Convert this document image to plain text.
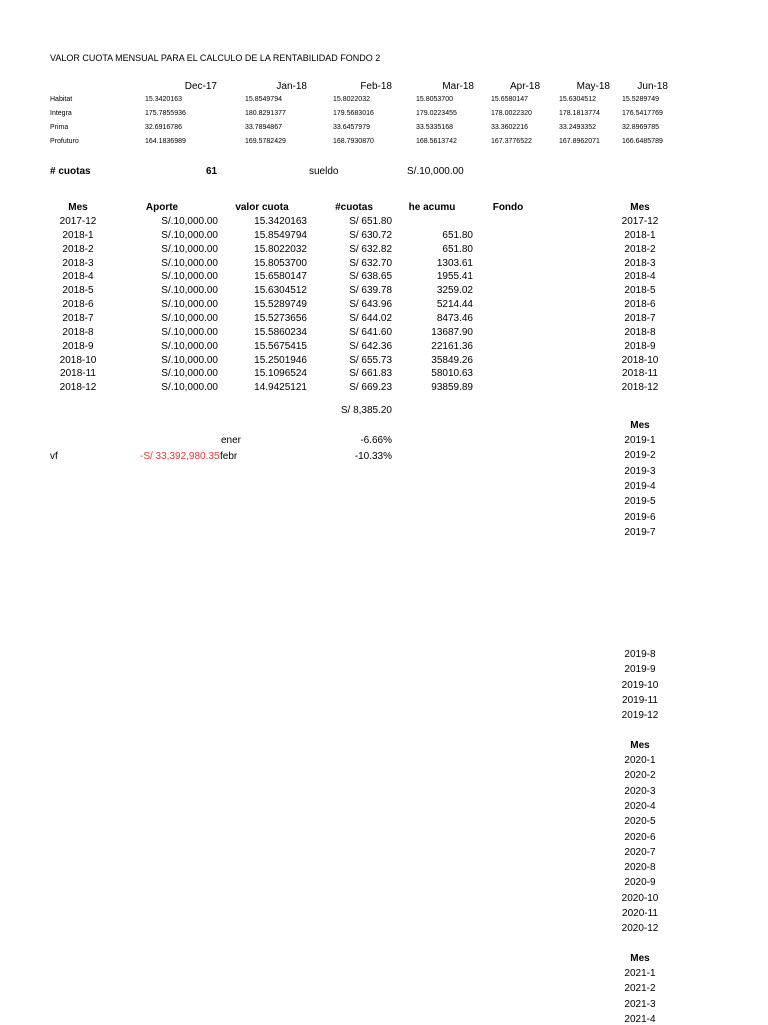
VALOR CUOTA MENSUAL PARA EL CALCULO DE LA RENTABILIDAD FONDO 2
Dec-17	Jan-18	Feb-18	Mar-18	Apr-18	May-18	Jun-18
Habitat	15.3420163	15.8549794	15.8022032	15.8053700	15.6580147	15.6304512	15.5289749
Integra	175.7855936	180.8291377	179.5683016	179.0223455	178.0022320	178.1813774	176.5417769
Prima	32.6916786	33.7894867	33.6457979	33.5335168	33.3602216	33.2493352	32.8969785
Profuturo	164.1836989	169.5782429	168.7930870	168.5613742	167.3776522	167.8962071	166.6485789
# cuotas	61	sueldo	S/.10,000.00
Mes	Aporte	valor cuota	#cuotas	he acumu	Fondo
2017-12	S/.10,000.00	15.3420163	S/ 651.80
2018-1	S/.10,000.00	15.8549794	S/ 630.72	651.80
2018-2	S/.10,000.00	15.8022032	S/ 632.82	651.80
2018-3	S/.10,000.00	15.8053700	S/ 632.70	1303.61
2018-4	S/.10,000.00	15.6580147	S/ 638.65	1955.41
2018-5	S/.10,000.00	15.6304512	S/ 639.78	3259.02
2018-6	S/.10,000.00	15.5289749	S/ 643.96	5214.44
2018-7	S/.10,000.00	15.5273656	S/ 644.02	8473.46
2018-8	S/.10,000.00	15.5860234	S/ 641.60	13687.90
2018-9	S/.10,000.00	15.5675415	S/ 642.36	22161.36
2018-10	S/.10,000.00	15.2501946	S/ 655.73	35849.26
2018-11	S/.10,000.00	15.1096524	S/ 661.83	58010.63
2018-12	S/.10,000.00	14.9425121	S/ 669.23	93859.89
S/ 8,385.20
ener	-6.66%
vf	-S/ 33,392,980.35 febr	-10.33%
Mes
2017-12
2018-1
2018-2
2018-3
2018-4
2018-5
2018-6
2018-7
2018-8
2018-9
2018-10
2018-11
2018-12
Mes
2019-1
2019-2
2019-3
2019-4
2019-5
2019-6
2019-7
2019-8
2019-9
2019-10
2019-11
2019-12
Mes
2020-1
2020-2
2020-3
2020-4
2020-5
2020-6
2020-7
2020-8
2020-9
2020-10
2020-11
2020-12
Mes
2021-1
2021-2
2021-3
2021-4
